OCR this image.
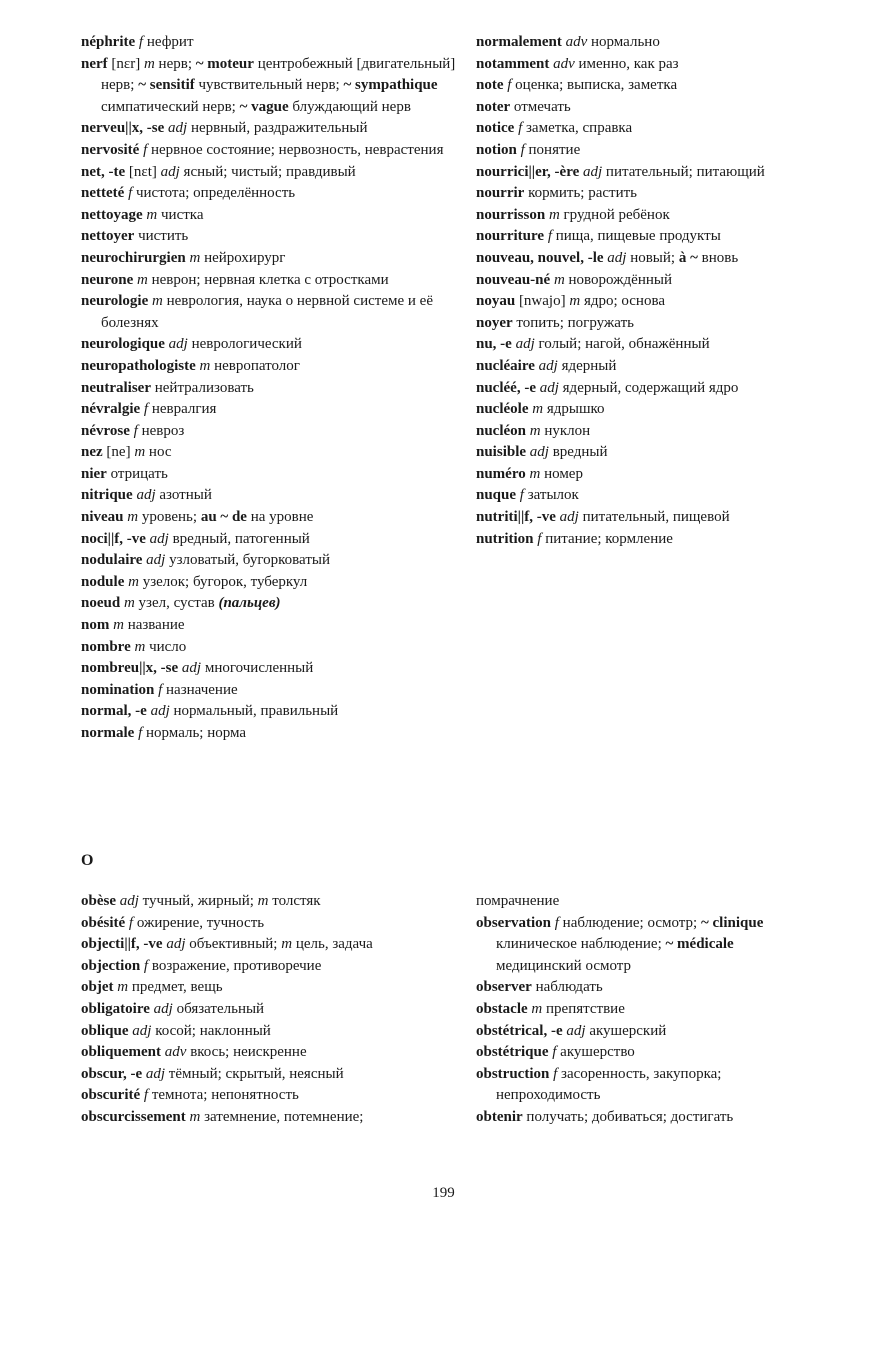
néphrite f нефрит

nerf [nɛr] m нерв; ~ moteur центробежный [двигательный] нерв; ~ sensitif чувствительный нерв; ~ sympathique симпатический нерв; ~ vague блуждающий нерв

nerveu||x, -se adj нервный, раздражительный

nervosité f нервное состояние; нервозность, неврастения

net, -te [nɛt] adj ясный; чистый; правдивый

netteté f чистота; определённость

nettoyage m чистка

nettoyer чистить

neurochirurgien m нейрохирург

neurone m неврон; нервная клетка с отростками

neurologie m неврология, наука о нервной системе и её болезнях

neurologique adj неврологический

neuropathologiste m невропатолог

neutraliser нейтрализовать

névralgie f невралгия

névrose f невроз

nez [ne] m нос

nier отрицать

nitrique adj азотный

niveau m уровень; au ~ de на уровне

noci||f, -ve adj вредный, патогенный

nodulaire adj узловатый, бугорковатый

nodule m узелок; бугорок, туберкул

noeud m узел, сустав (пальцев)

nom m название

nombre m число

nombreu||x, -se adj многочисленный

nomination f назначение

normal, -e adj нормальный, правильный

normale f нормаль; норма

normalement adv нормально

notamment adv именно, как раз

note f оценка; выписка, заметка

noter отмечать

notice f заметка, справка

notion f понятие

nourrici||er, -ère adj питательный; питающий

nourrir кормить; растить

nourrisson m грудной ребёнок

nourriture f пища, пищевые продукты

nouveau, nouvel, -le adj новый; à ~ вновь

nouveau-né m новорождённый

noyau [nwajo] m ядро; основа

noyer топить; погружать

nu, -e adj голый; нагой, обнажённый

nucléaire adj ядерный

nucléé, -e adj ядерный, содержащий ядро

nucléole m ядрышко

nucléon m нуклон

nuisible adj вредный

numéro m номер

nuque f затылок

nutriti||f, -ve adj питательный, пищевой

nutrition f питание; кормление

O

obèse adj тучный, жирный; m толстяк

obésité f ожирение, тучность

objecti||f, -ve adj объективный; m цель, задача

objection f возражение, противоречие

objet m предмет, вещь

obligatoire adj обязательный

oblique adj косой; наклонный

obliquement adv вкось; неискренне

obscur, -e adj тёмный; скрытый, неясный

obscurité f темнота; непонятность

obscurcissement m затемнение, потемнение;

помрачнение

observation f наблюдение; осмотр; ~ clinique клиническое наблюдение; ~ médicale медицинский осмотр

observer наблюдать

obstacle m препятствие

obstétrical, -e adj акушерский

obstétrique f акушерство

obstruction f засоренность, закупорка; непроходимость

obtenir получать; добиваться; достигать

199
